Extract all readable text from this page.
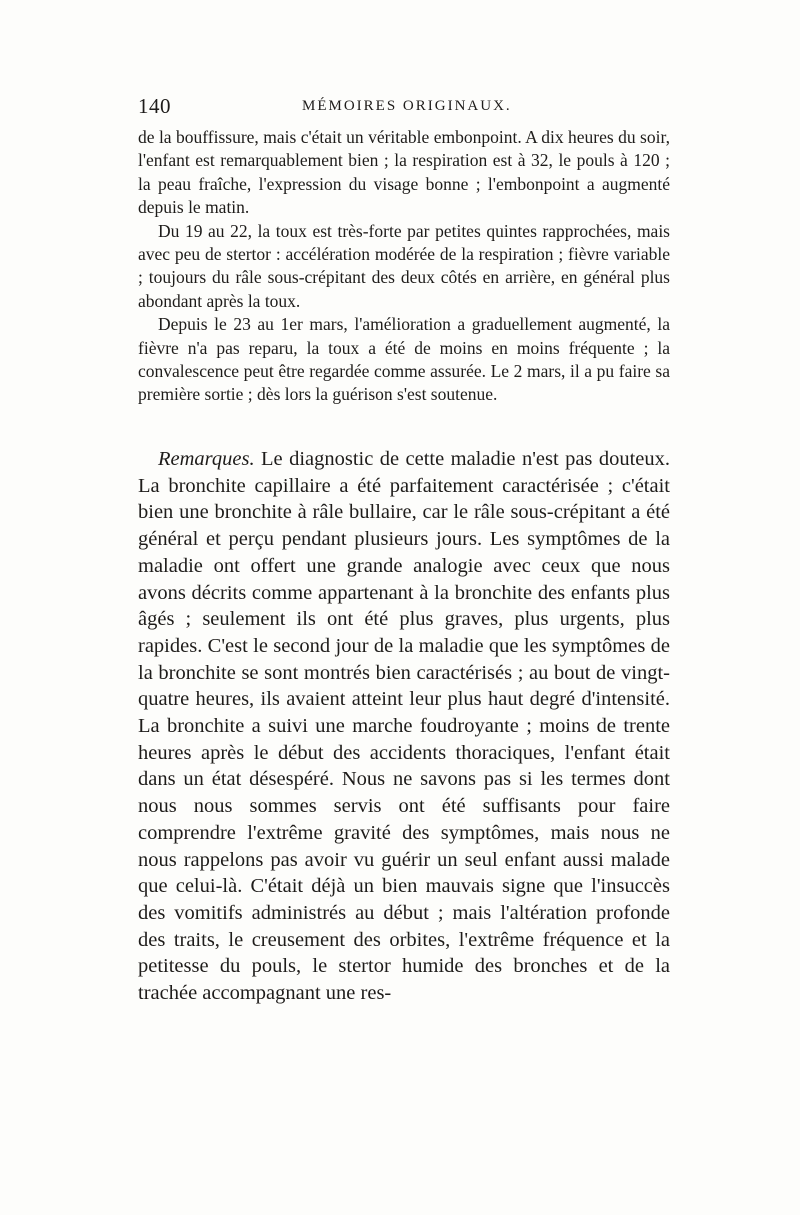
140	MÉMOIRES ORIGINAUX.

de la bouffissure, mais c'était un véritable embonpoint. A dix heures du soir, l'enfant est remarquablement bien ; la respiration est à 32, le pouls à 120 ; la peau fraîche, l'expression du visage bonne ; l'embonpoint a augmenté depuis le matin.

Du 19 au 22, la toux est très-forte par petites quintes rapprochées, mais avec peu de stertor : accélération modérée de la respiration ; fièvre variable ; toujours du râle sous-crépitant des deux côtés en arrière, en général plus abondant après la toux.

Depuis le 23 au 1er mars, l'amélioration a graduellement augmenté, la fièvre n'a pas reparu, la toux a été de moins en moins fréquente ; la convalescence peut être regardée comme assurée. Le 2 mars, il a pu faire sa première sortie ; dès lors la guérison s'est soutenue.

Remarques. Le diagnostic de cette maladie n'est pas douteux. La bronchite capillaire a été parfaitement caractérisée ; c'était bien une bronchite à râle bullaire, car le râle sous-crépitant a été général et perçu pendant plusieurs jours. Les symptômes de la maladie ont offert une grande analogie avec ceux que nous avons décrits comme appartenant à la bronchite des enfants plus âgés ; seulement ils ont été plus graves, plus urgents, plus rapides. C'est le second jour de la maladie que les symptômes de la bronchite se sont montrés bien caractérisés ; au bout de vingt-quatre heures, ils avaient atteint leur plus haut degré d'intensité. La bronchite a suivi une marche foudroyante ; moins de trente heures après le début des accidents thoraciques, l'enfant était dans un état désespéré. Nous ne savons pas si les termes dont nous nous sommes servis ont été suffisants pour faire comprendre l'extrême gravité des symptômes, mais nous ne nous rappelons pas avoir vu guérir un seul enfant aussi malade que celui-là. C'était déjà un bien mauvais signe que l'insuccès des vomitifs administrés au début ; mais l'altération profonde des traits, le creusement des orbites, l'extrême fréquence et la petitesse du pouls, le stertor humide des bronches et de la trachée accompagnant une res-
